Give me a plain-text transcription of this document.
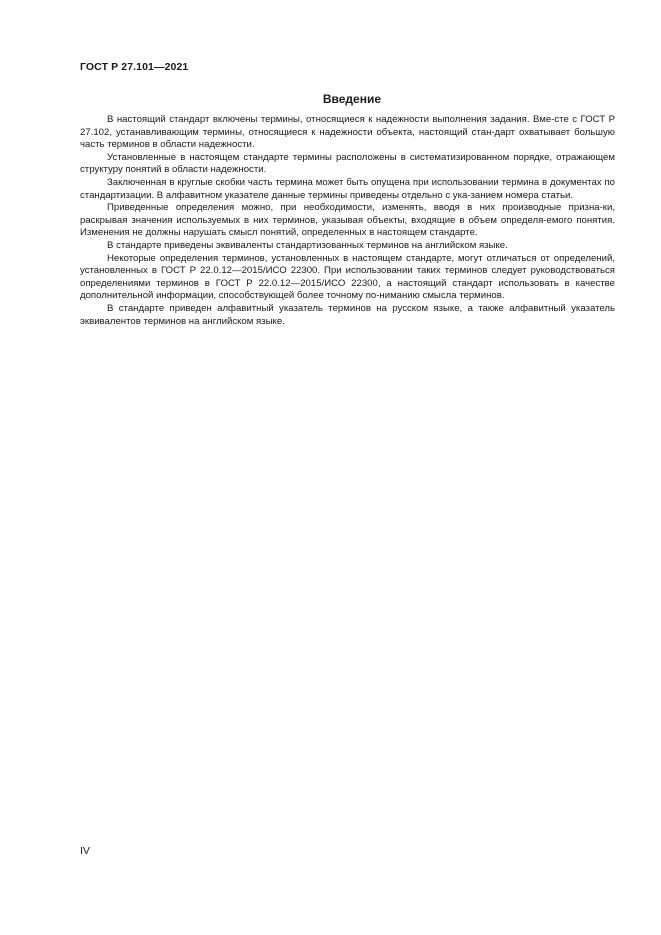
ГОСТ Р 27.101—2021
Введение

В настоящий стандарт включены термины, относящиеся к надежности выполнения задания. Вме-сте с ГОСТ Р 27.102, устанавливающим термины, относящиеся к надежности объекта, настоящий стан-дарт охватывает большую часть терминов в области надежности.

Установленные в настоящем стандарте термины расположены в систематизированном порядке, отражающем структуру понятий в области надежности.

Заключенная в круглые скобки часть термина может быть опущена при использовании термина в документах по стандартизации. В алфавитном указателе данные термины приведены отдельно с ука-занием номера статьи.

Приведенные определения можно, при необходимости, изменять, вводя в них производные призна-ки, раскрывая значения используемых в них терминов, указывая объекты, входящие в объем определя-емого понятия. Изменения не должны нарушать смысл понятий, определенных в настоящем стандарте.

В стандарте приведены эквиваленты стандартизованных терминов на английском языке.

Некоторые определения терминов, установленных в настоящем стандарте, могут отличаться от определений, установленных в ГОСТ Р 22.0.12—2015/ИСО 22300. При использовании таких терминов следует руководствоваться определениями терминов в ГОСТ Р 22.0.12—2015/ИСО 22300, а настоящий стандарт использовать в качестве дополнительной информации, способствующей более точному по-ниманию смысла терминов.

В стандарте приведен алфавитный указатель терминов на русском языке, а также алфавитный указатель эквивалентов терминов на английском языке.

IV
